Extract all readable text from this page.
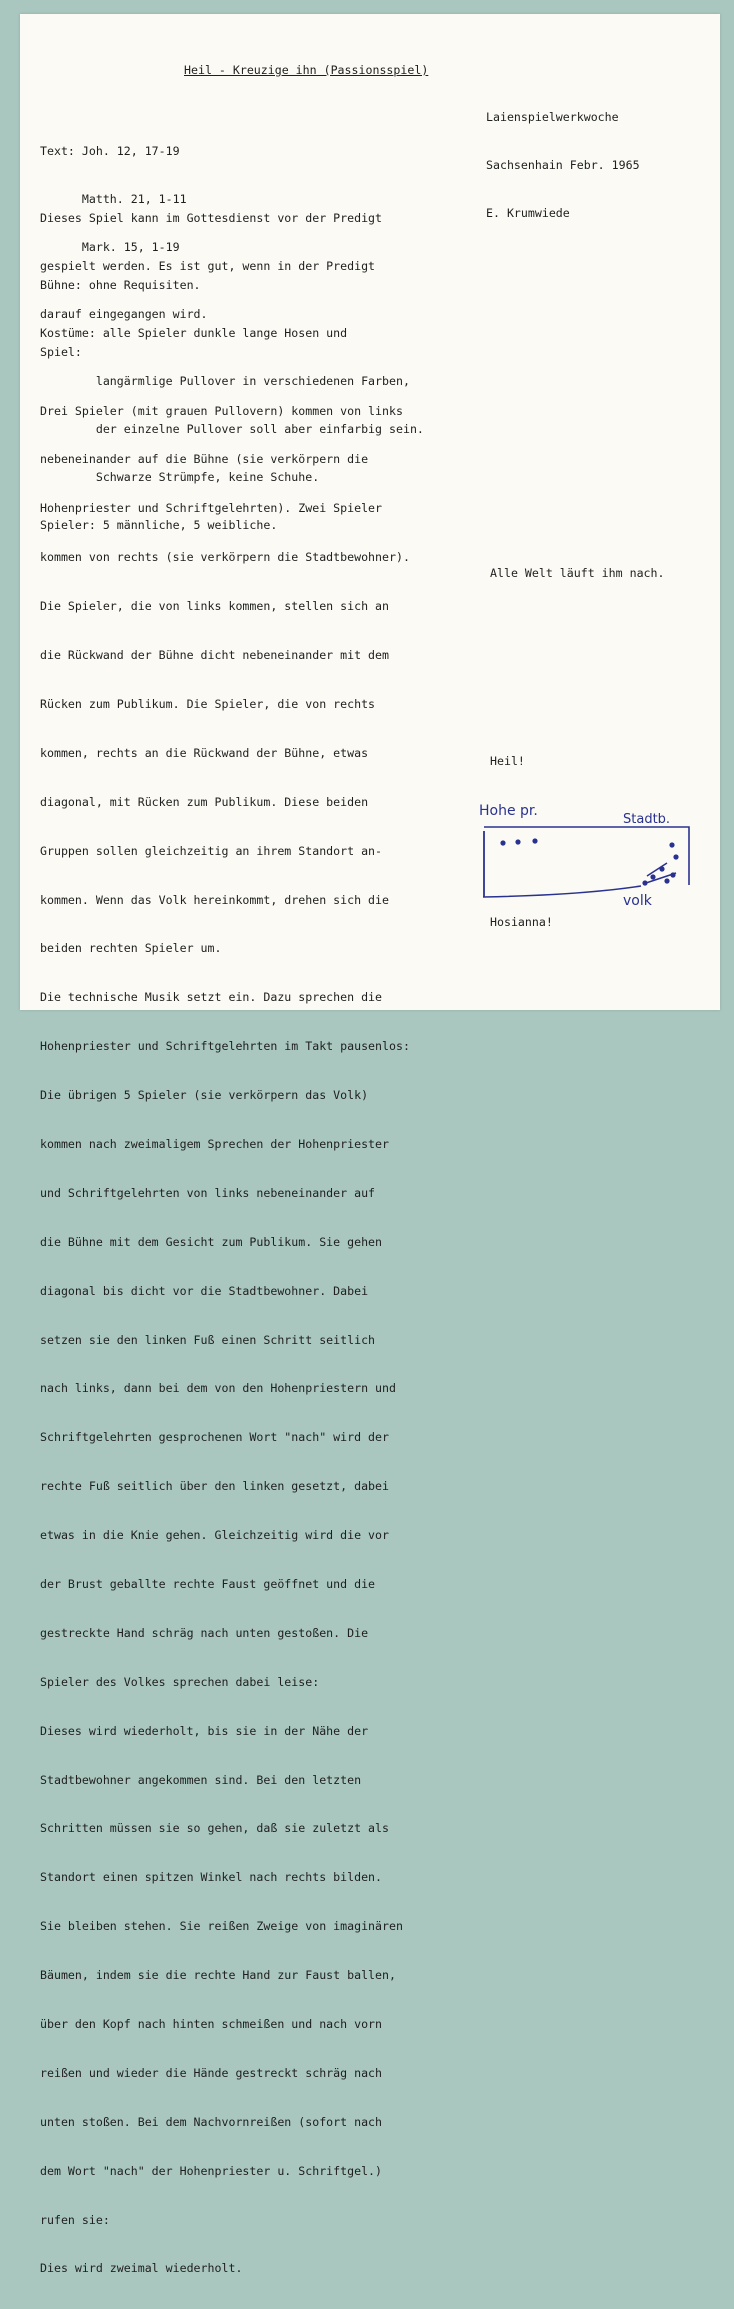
Heil - Kreuzige ihn (Passionsspiel)

Laienspielwerkwoche

Sachsenhain Febr. 1965

E. Krumwiede

Text: Joh. 12, 17-19

Matth. 21, 1-11

Mark. 15, 1-19

Dieses Spiel kann im Gottesdienst vor der Predigt

gespielt werden. Es ist gut, wenn in der Predigt

darauf eingegangen wird.

Bühne: ohne Requisiten.

Kostüme: alle Spieler dunkle lange Hosen und

langärmlige Pullover in verschiedenen Farben,

der einzelne Pullover soll aber einfarbig sein.

Schwarze Strümpfe, keine Schuhe.

Spieler: 5 männliche, 5 weibliche.

Spiel:

Drei Spieler (mit grauen Pullovern) kommen von links

nebeneinander auf die Bühne (sie verkörpern die

Hohenpriester und Schriftgelehrten). Zwei Spieler

kommen von rechts (sie verkörpern die Stadtbewohner).

Die Spieler, die von links kommen, stellen sich an

die Rückwand der Bühne dicht nebeneinander mit dem

Rücken zum Publikum. Die Spieler, die von rechts

kommen, rechts an die Rückwand der Bühne, etwas

diagonal, mit Rücken zum Publikum. Diese beiden

Gruppen sollen gleichzeitig an ihrem Standort an-

kommen. Wenn das Volk hereinkommt, drehen sich die

beiden rechten Spieler um.

Die technische Musik setzt ein. Dazu sprechen die

Hohenpriester und Schriftgelehrten im Takt pausenlos:

Die übrigen 5 Spieler (sie verkörpern das Volk)

kommen nach zweimaligem Sprechen der Hohenpriester

und Schriftgelehrten von links nebeneinander auf

die Bühne mit dem Gesicht zum Publikum. Sie gehen

diagonal bis dicht vor die Stadtbewohner. Dabei

setzen sie den linken Fuß einen Schritt seitlich

nach links, dann bei dem von den Hohenpriestern und

Schriftgelehrten gesprochenen Wort "nach" wird der

rechte Fuß seitlich über den linken gesetzt, dabei

etwas in die Knie gehen. Gleichzeitig wird die vor

der Brust geballte rechte Faust geöffnet und die

gestreckte Hand schräg nach unten gestoßen. Die

Spieler des Volkes sprechen dabei leise:

Dieses wird wiederholt, bis sie in der Nähe der

Stadtbewohner angekommen sind. Bei den letzten

Schritten müssen sie so gehen, daß sie zuletzt als

Standort einen spitzen Winkel nach rechts bilden.

Sie bleiben stehen. Sie reißen Zweige von imaginären

Bäumen, indem sie die rechte Hand zur Faust ballen,

über den Kopf nach hinten schmeißen und nach vorn

reißen und wieder die Hände gestreckt schräg nach

unten stoßen. Bei dem Nachvornreißen (sofort nach

dem Wort "nach" der Hohenpriester u. Schriftgel.)

rufen sie:

Dies wird zweimal wiederholt.

Alle Welt läuft ihm nach.
Heil!
Hosianna!
Hohe pr.
Stadtb.
volk
